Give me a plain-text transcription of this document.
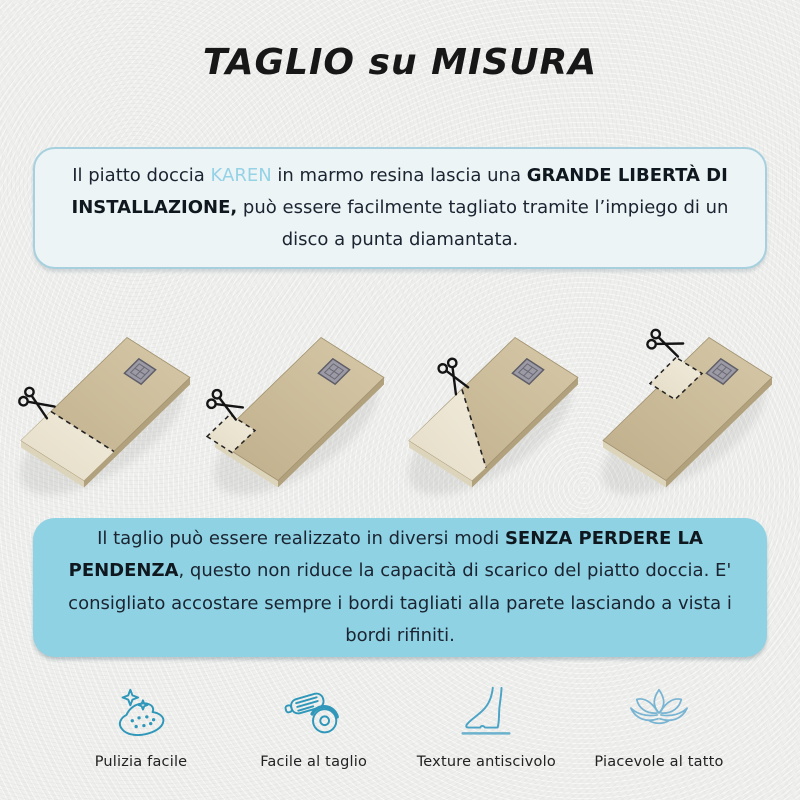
TAGLIO su MISURA

Il piatto doccia KAREN in marmo resina lascia una GRANDE LIBERTÀ DI INSTALLAZIONE, può essere facilmente tagliato tramite l’impiego di un disco a punta diamantata.

Il taglio può essere realizzato in diversi modi SENZA PERDERE LA PENDENZA, questo non riduce la capacità di scarico del piatto doccia. E' consigliato accostare sempre i bordi tagliati alla parete lasciando a vista i bordi rifiniti.

Pulizia facile	Facile al taglio	Texture antiscivolo	Piacevole al tatto
